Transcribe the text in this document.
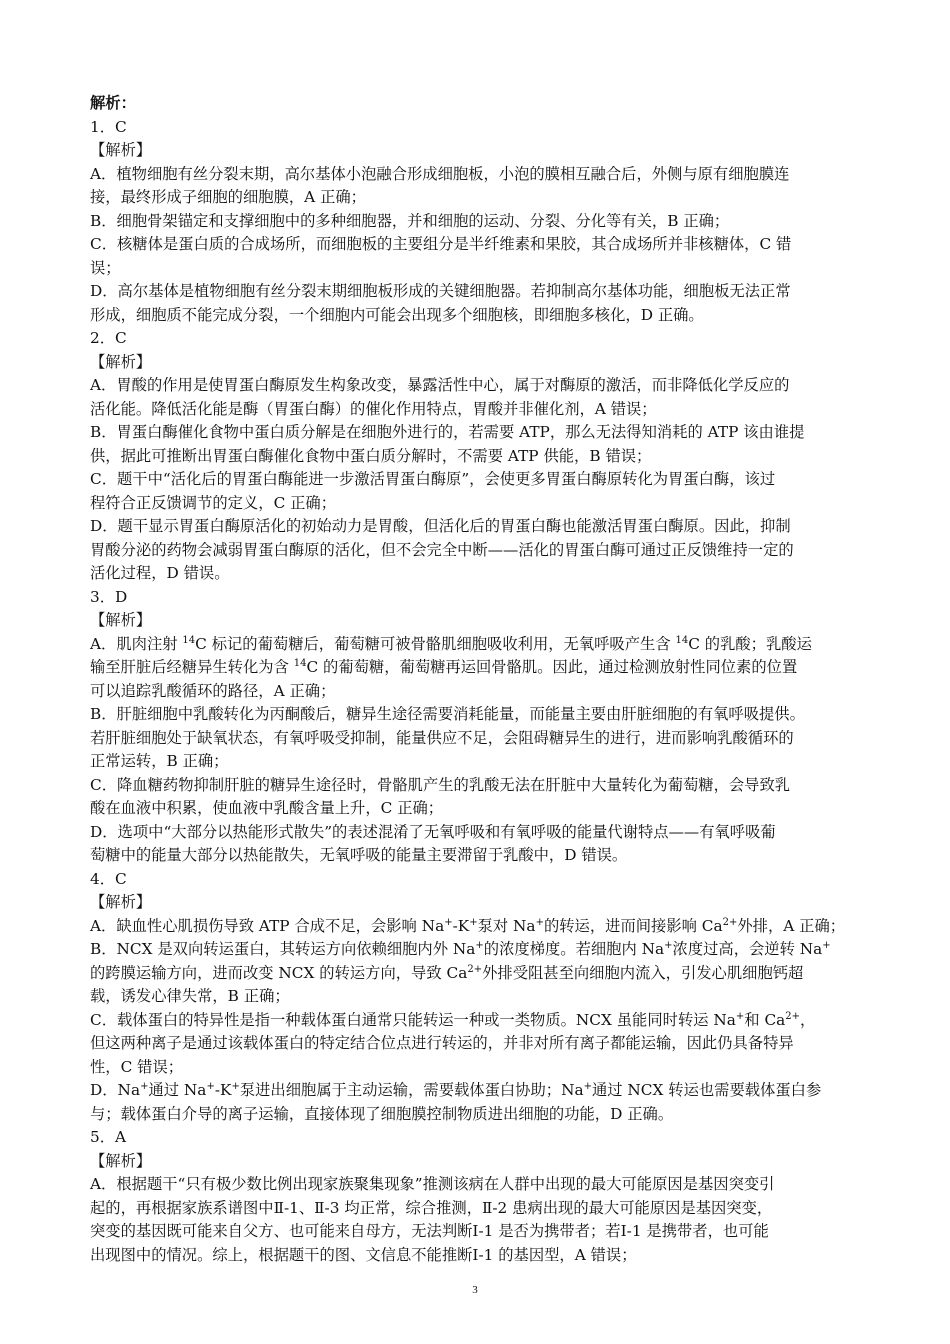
解析：

1．C

【解析】

A．植物细胞有丝分裂末期，高尔基体小泡融合形成细胞板，小泡的膜相互融合后，外侧与原有细胞膜连

接，最终形成子细胞的细胞膜，A 正确；

B．细胞骨架锚定和支撑细胞中的多种细胞器，并和细胞的运动、分裂、分化等有关，B 正确；

C．核糖体是蛋白质的合成场所，而细胞板的主要组分是半纤维素和果胶，其合成场所并非核糖体，C 错

误；

D．高尔基体是植物细胞有丝分裂末期细胞板形成的关键细胞器。若抑制高尔基体功能，细胞板无法正常

形成，细胞质不能完成分裂，一个细胞内可能会出现多个细胞核，即细胞多核化，D 正确。

2．C

【解析】

A．胃酸的作用是使胃蛋白酶原发生构象改变，暴露活性中心，属于对酶原的激活，而非降低化学反应的

活化能。降低活化能是酶（胃蛋白酶）的催化作用特点，胃酸并非催化剂，A 错误；

B．胃蛋白酶催化食物中蛋白质分解是在细胞外进行的，若需要 ATP，那么无法得知消耗的 ATP 该由谁提

供，据此可推断出胃蛋白酶催化食物中蛋白质分解时，不需要 ATP 供能，B 错误；

C．题干中“活化后的胃蛋白酶能进一步激活胃蛋白酶原”，会使更多胃蛋白酶原转化为胃蛋白酶，该过

程符合正反馈调节的定义，C 正确；

D．题干显示胃蛋白酶原活化的初始动力是胃酸，但活化后的胃蛋白酶也能激活胃蛋白酶原。因此，抑制

胃酸分泌的药物会减弱胃蛋白酶原的活化，但不会完全中断——活化的胃蛋白酶可通过正反馈维持一定的

活化过程，D 错误。

3．D

【解析】

A．肌肉注射 $^{14}$C 标记的葡萄糖后，葡萄糖可被骨骼肌细胞吸收利用，无氧呼吸产生含 $^{14}$C 的乳酸；乳酸运

输至肝脏后经糖异生转化为含 $^{14}$C 的葡萄糖，葡萄糖再运回骨骼肌。因此，通过检测放射性同位素的位置

可以追踪乳酸循环的路径，A 正确；

B．肝脏细胞中乳酸转化为丙酮酸后，糖异生途径需要消耗能量，而能量主要由肝脏细胞的有氧呼吸提供。

若肝脏细胞处于缺氧状态，有氧呼吸受抑制，能量供应不足，会阻碍糖异生的进行，进而影响乳酸循环的

正常运转，B 正确；

C．降血糖药物抑制肝脏的糖异生途径时，骨骼肌产生的乳酸无法在肝脏中大量转化为葡萄糖，会导致乳

酸在血液中积累，使血液中乳酸含量上升，C 正确；

D．选项中“大部分以热能形式散失”的表述混淆了无氧呼吸和有氧呼吸的能量代谢特点——有氧呼吸葡

萄糖中的能量大部分以热能散失，无氧呼吸的能量主要滞留于乳酸中，D 错误。

4．C

【解析】

A．缺血性心肌损伤导致 ATP 合成不足，会影响 Na+-K+泵对 Na+的转运，进而间接影响 $Ca^{2+}$外排，A 正确；

B．NCX 是双向转运蛋白，其转运方向依赖细胞内外 Na+的浓度梯度。若细胞内 Na+浓度过高，会逆转 Na+

的跨膜运输方向，进而改变 NCX 的转运方向，导致 $Ca^{2+}$外排受阻甚至向细胞内流入，引发心肌细胞钙超

载，诱发心律失常，B 正确；

C．载体蛋白的特异性是指一种载体蛋白通常只能转运一种或一类物质。NCX 虽能同时转运 Na+和 $Ca^{2+}$，

但这两种离子是通过该载体蛋白的特定结合位点进行转运的，并非对所有离子都能运输，因此仍具备特异

性，C 错误；

D．Na+通过 Na+-K+泵进出细胞属于主动运输，需要载体蛋白协助；Na+通过 NCX 转运也需要载体蛋白参

与；载体蛋白介导的离子运输，直接体现了细胞膜控制物质进出细胞的功能，D 正确。

5．A

【解析】

A．根据题干“只有极少数比例出现家族聚集现象”推测该病在人群中出现的最大可能原因是基因突变引

起的，再根据家族系谱图中Ⅱ-1、Ⅱ-3 均正常，综合推测，Ⅱ-2 患病出现的最大可能原因是基因突变，

突变的基因既可能来自父方、也可能来自母方，无法判断Ⅰ-1 是否为携带者；若Ⅰ-1 是携带者，也可能

出现图中的情况。综上，根据题干的图、文信息不能推断Ⅰ-1 的基因型，A 错误；

3
